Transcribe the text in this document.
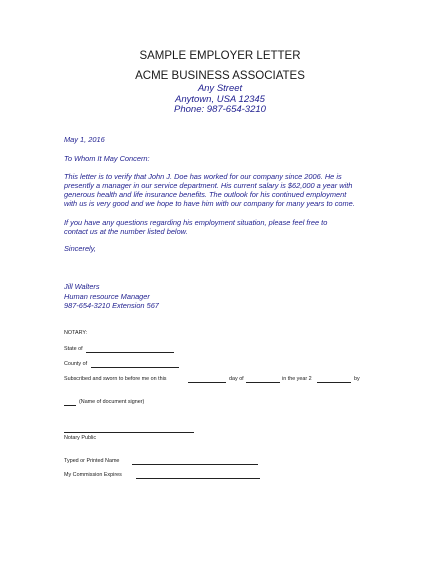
SAMPLE EMPLOYER LETTER
ACME BUSINESS ASSOCIATES
Any Street
Anytown, USA 12345
Phone: 987-654-3210
May 1, 2016
To Whom It May Concern:
This letter is to verify that John J. Doe has worked for our company since 2006. He is
presently a manager in our service department. His current salary is $62,000 a year with
generous health and life insurance benefits. The outlook for his continued employment
with us is very good and we hope to have him with our company for many years to come.
If you have any questions regarding his employment situation, please feel free to
contact us at the number listed below.
Sincerely,
Jill Walters
Human resource Manager
987-654-3210 Extension 567
NOTARY:
State of
County of
Subscribed and sworn to before me on this	day of	in the year 2	by
(Name of document signer)
Notary Public
Typed or Printed Name
My Commission Expires
